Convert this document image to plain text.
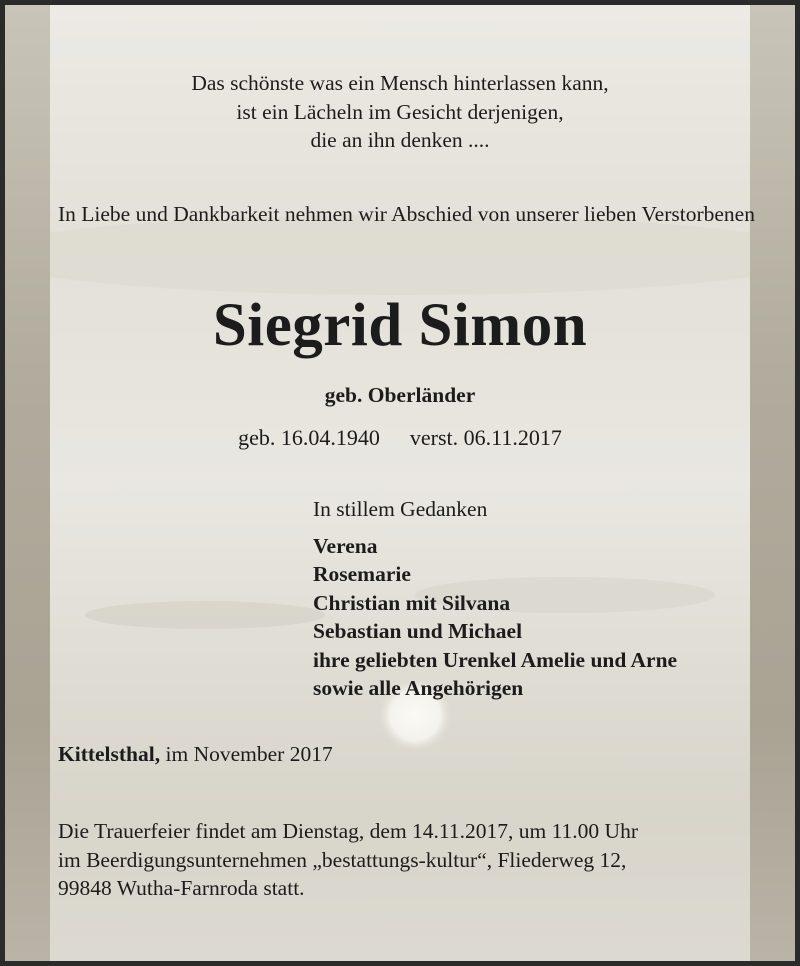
Das schönste was ein Mensch hinterlassen kann,
ist ein Lächeln im Gesicht derjenigen,
die an ihn denken ....
In Liebe und Dankbarkeit nehmen wir Abschied von unserer lieben Verstorbenen
Siegrid Simon
geb. Oberländer
geb. 16.04.1940 verst. 06.11.2017
In stillem Gedanken
Verena
Rosemarie
Christian mit Silvana
Sebastian und Michael
ihre geliebten Urenkel Amelie und Arne
sowie alle Angehörigen
Kittelsthal, im November 2017
Die Trauerfeier findet am Dienstag, dem 14.11.2017, um 11.00 Uhr
im Beerdigungsunternehmen „bestattungs-kultur“, Fliederweg 12,
99848 Wutha-Farnroda statt.
